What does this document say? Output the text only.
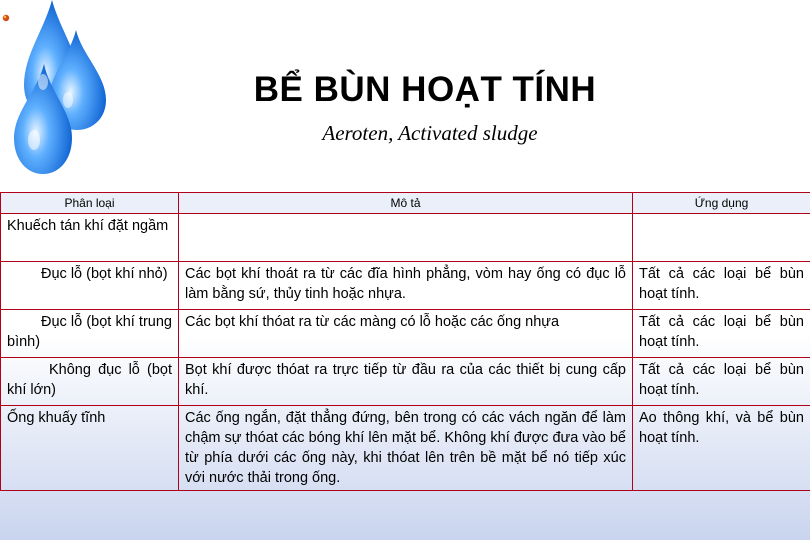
BỂ BÙN HOẠT TÍNH
Aeroten, Activated sludge
Phân loại	Mô tả	Ứng dụng
Khuếch tán khí đặt ngầm		
Đục lỗ (bọt khí nhỏ)	Các bọt khí thoát ra từ các đĩa hình phẳng, vòm hay ống có đục lỗ làm bằng sứ, thủy tinh hoặc nhựa.	Tất cả các loại bể bùn hoạt tính.
Đục lỗ (bọt khí trung bình)	Các bọt khí thóat ra từ các màng có lỗ hoặc các ống nhựa	Tất cả các loại bể bùn hoạt tính.
Không đục lỗ (bọt khí lớn)	Bọt khí được thóat ra trực tiếp từ đầu ra của các thiết bị cung cấp khí.	Tất cả các loại bể bùn hoạt tính.
Ống khuấy tĩnh	Các ống ngắn, đặt thẳng đứng, bên trong có các vách ngăn để làm chậm sự thóat các bóng khí lên mặt bể. Không khí được đưa vào bể từ phía dưới các ống này, khi thóat lên trên bề mặt bể nó tiếp xúc với nước thải trong ống.	Ao thông khí, và bể bùn hoạt tính.
